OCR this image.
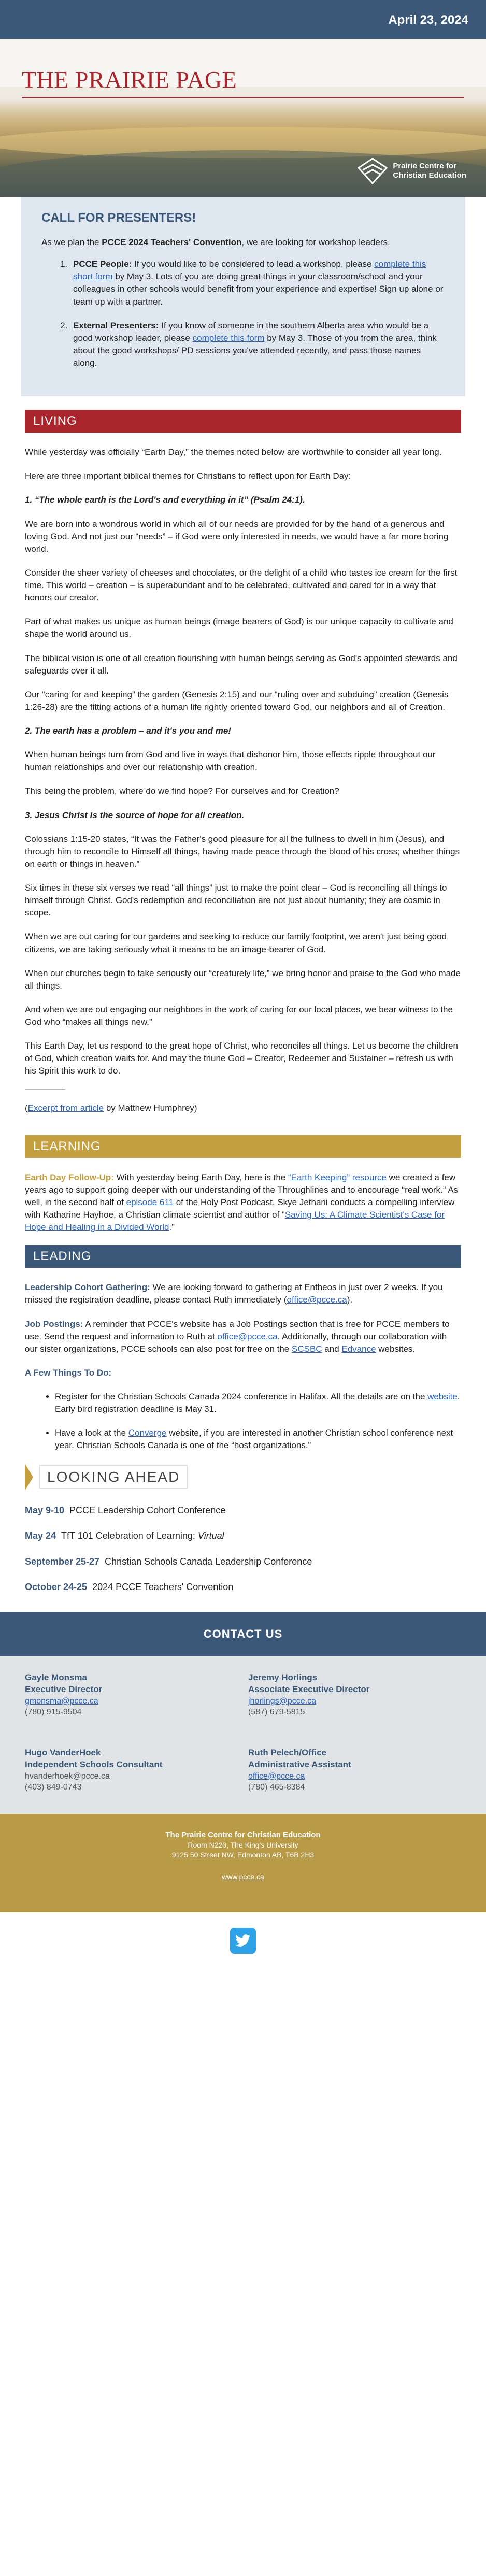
April 23, 2024
THE PRAIRIE PAGE
Prairie Centre for
Christian Education
CALL FOR PRESENTERS!

As we plan the PCCE 2024 Teachers' Convention, we are looking for workshop leaders.

1. PCCE People: If you would like to be considered to lead a workshop, please complete this short form by May 3. Lots of you are doing great things in your classroom/school and your colleagues in other schools would benefit from your experience and expertise! Sign up alone or team up with a partner.
2. External Presenters: If you know of someone in the southern Alberta area who would be a good workshop leader, please complete this form by May 3. Those of you from the area, think about the good workshops/ PD sessions you've attended recently, and pass those names along.
LIVING

While yesterday was officially “Earth Day,” the themes noted below are worthwhile to consider all year long.

Here are three important biblical themes for Christians to reflect upon for Earth Day:

1. “The whole earth is the Lord's and everything in it” (Psalm 24:1).

We are born into a wondrous world in which all of our needs are provided for by the hand of a generous and loving God. And not just our “needs” – if God were only interested in needs, we would have a far more boring world.

Consider the sheer variety of cheeses and chocolates, or the delight of a child who tastes ice cream for the first time. This world – creation – is superabundant and to be celebrated, cultivated and cared for in a way that honors our creator.

Part of what makes us unique as human beings (image bearers of God) is our unique capacity to cultivate and shape the world around us.

The biblical vision is one of all creation flourishing with human beings serving as God's appointed stewards and safeguards over it all.

Our “caring for and keeping” the garden (Genesis 2:15) and our “ruling over and subduing” creation (Genesis 1:26-28) are the fitting actions of a human life rightly oriented toward God, our neighbors and all of Creation.

2. The earth has a problem – and it's you and me!

When human beings turn from God and live in ways that dishonor him, those effects ripple throughout our human relationships and over our relationship with creation.

This being the problem, where do we find hope? For ourselves and for Creation?

3. Jesus Christ is the source of hope for all creation.

Colossians 1:15-20 states, “It was the Father's good pleasure for all the fullness to dwell in him (Jesus), and through him to reconcile to Himself all things, having made peace through the blood of his cross; whether things on earth or things in heaven.”

Six times in these six verses we read “all things” just to make the point clear – God is reconciling all things to himself through Christ. God's redemption and reconciliation are not just about humanity; they are cosmic in scope.

When we are out caring for our gardens and seeking to reduce our family footprint, we aren't just being good citizens, we are taking seriously what it means to be an image-bearer of God.

When our churches begin to take seriously our “creaturely life,” we bring honor and praise to the God who made all things.

And when we are out engaging our neighbors in the work of caring for our local places, we bear witness to the God who “makes all things new.”

This Earth Day, let us respond to the great hope of Christ, who reconciles all things. Let us become the children of God, which creation waits for. And may the triune God – Creator, Redeemer and Sustainer – refresh us with his Spirit this work to do.

(Excerpt from article by Matthew Humphrey)

LEARNING

Earth Day Follow-Up: With yesterday being Earth Day, here is the “Earth Keeping” resource we created a few years ago to support going deeper with our understanding of the Throughlines and to encourage “real work.” As well, in the second half of episode 611 of the Holy Post Podcast, Skye Jethani conducts a compelling interview with Katharine Hayhoe, a Christian climate scientist and author of “Saving Us: A Climate Scientist's Case for Hope and Healing in a Divided World.”

LEADING

Leadership Cohort Gathering: We are looking forward to gathering at Entheos in just over 2 weeks. If you missed the registration deadline, please contact Ruth immediately (office@pcce.ca).

Job Postings: A reminder that PCCE's website has a Job Postings section that is free for PCCE members to use. Send the request and information to Ruth at office@pcce.ca. Additionally, through our collaboration with our sister organizations, PCCE schools can also post for free on the SCSBC and Edvance websites.

A Few Things To Do:

• Register for the Christian Schools Canada 2024 conference in Halifax. All the details are on the website. Early bird registration deadline is May 31.
• Have a look at the Converge website, if you are interested in another Christian school conference next year. Christian Schools Canada is one of the “host organizations.”
LOOKING AHEAD
May 9-10 PCCE Leadership Cohort Conference
May 24 TfT 101 Celebration of Learning: Virtual
September 25-27 Christian Schools Canada Leadership Conference
October 24-25 2024 PCCE Teachers' Convention
CONTACT US
Gayle Monsma
Executive Director
gmonsma@pcce.ca
(780) 915-9504
Jeremy Horlings
Associate Executive Director
jhorlings@pcce.ca
(587) 679-5815
Hugo VanderHoek
Independent Schools Consultant
hvanderhoek@pcce.ca
(403) 849-0743
Ruth Pelech/Office
Administrative Assistant
office@pcce.ca
(780) 465-8384
The Prairie Centre for Christian Education
Room N220, The King's University
9125 50 Street NW, Edmonton AB, T6B 2H3
www.pcce.ca
